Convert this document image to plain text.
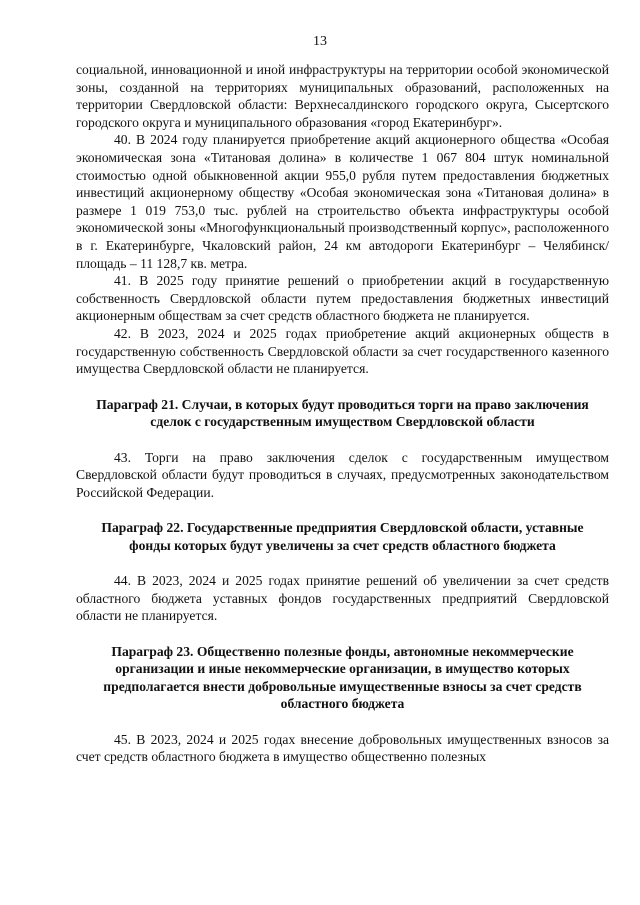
13

социальной, инновационной и иной инфраструктуры на территории особой экономической зоны, созданной на территориях муниципальных образований, расположенных на территории Свердловской области: Верхнесалдинского городского округа, Сысертского городского округа и муниципального образования «город Екатеринбург».

40. В 2024 году планируется приобретение акций акционерного общества «Особая экономическая зона «Титановая долина» в количестве 1 067 804 штук номинальной стоимостью одной обыкновенной акции 955,0 рубля путем предоставления бюджетных инвестиций акционерному обществу «Особая экономическая зона «Титановая долина» в размере 1 019 753,0 тыс. рублей на строительство объекта инфраструктуры особой экономической зоны «Многофункциональный производственный корпус», расположенного в г. Екатеринбурге, Чкаловский район, 24 км автодороги Екатеринбург – Челябинск/площадь – 11 128,7 кв. метра.

41. В 2025 году принятие решений о приобретении акций в государственную собственность Свердловской области путем предоставления бюджетных инвестиций акционерным обществам за счет средств областного бюджета не планируется.

42. В 2023, 2024 и 2025 годах приобретение акций акционерных обществ в государственную собственность Свердловской области за счет государственного казенного имущества Свердловской области не планируется.

Параграф 21. Случаи, в которых будут проводиться торги на право заключения сделок с государственным имуществом Свердловской области

43. Торги на право заключения сделок с государственным имуществом Свердловской области будут проводиться в случаях, предусмотренных законодательством Российской Федерации.

Параграф 22. Государственные предприятия Свердловской области, уставные фонды которых будут увеличены за счет средств областного бюджета

44. В 2023, 2024 и 2025 годах принятие решений об увеличении за счет средств областного бюджета уставных фондов государственных предприятий Свердловской области не планируется.

Параграф 23. Общественно полезные фонды, автономные некоммерческие организации и иные некоммерческие организации, в имущество которых предполагается внести добровольные имущественные взносы за счет средств областного бюджета

45. В 2023, 2024 и 2025 годах внесение добровольных имущественных взносов за счет средств областного бюджета в имущество общественно полезных
